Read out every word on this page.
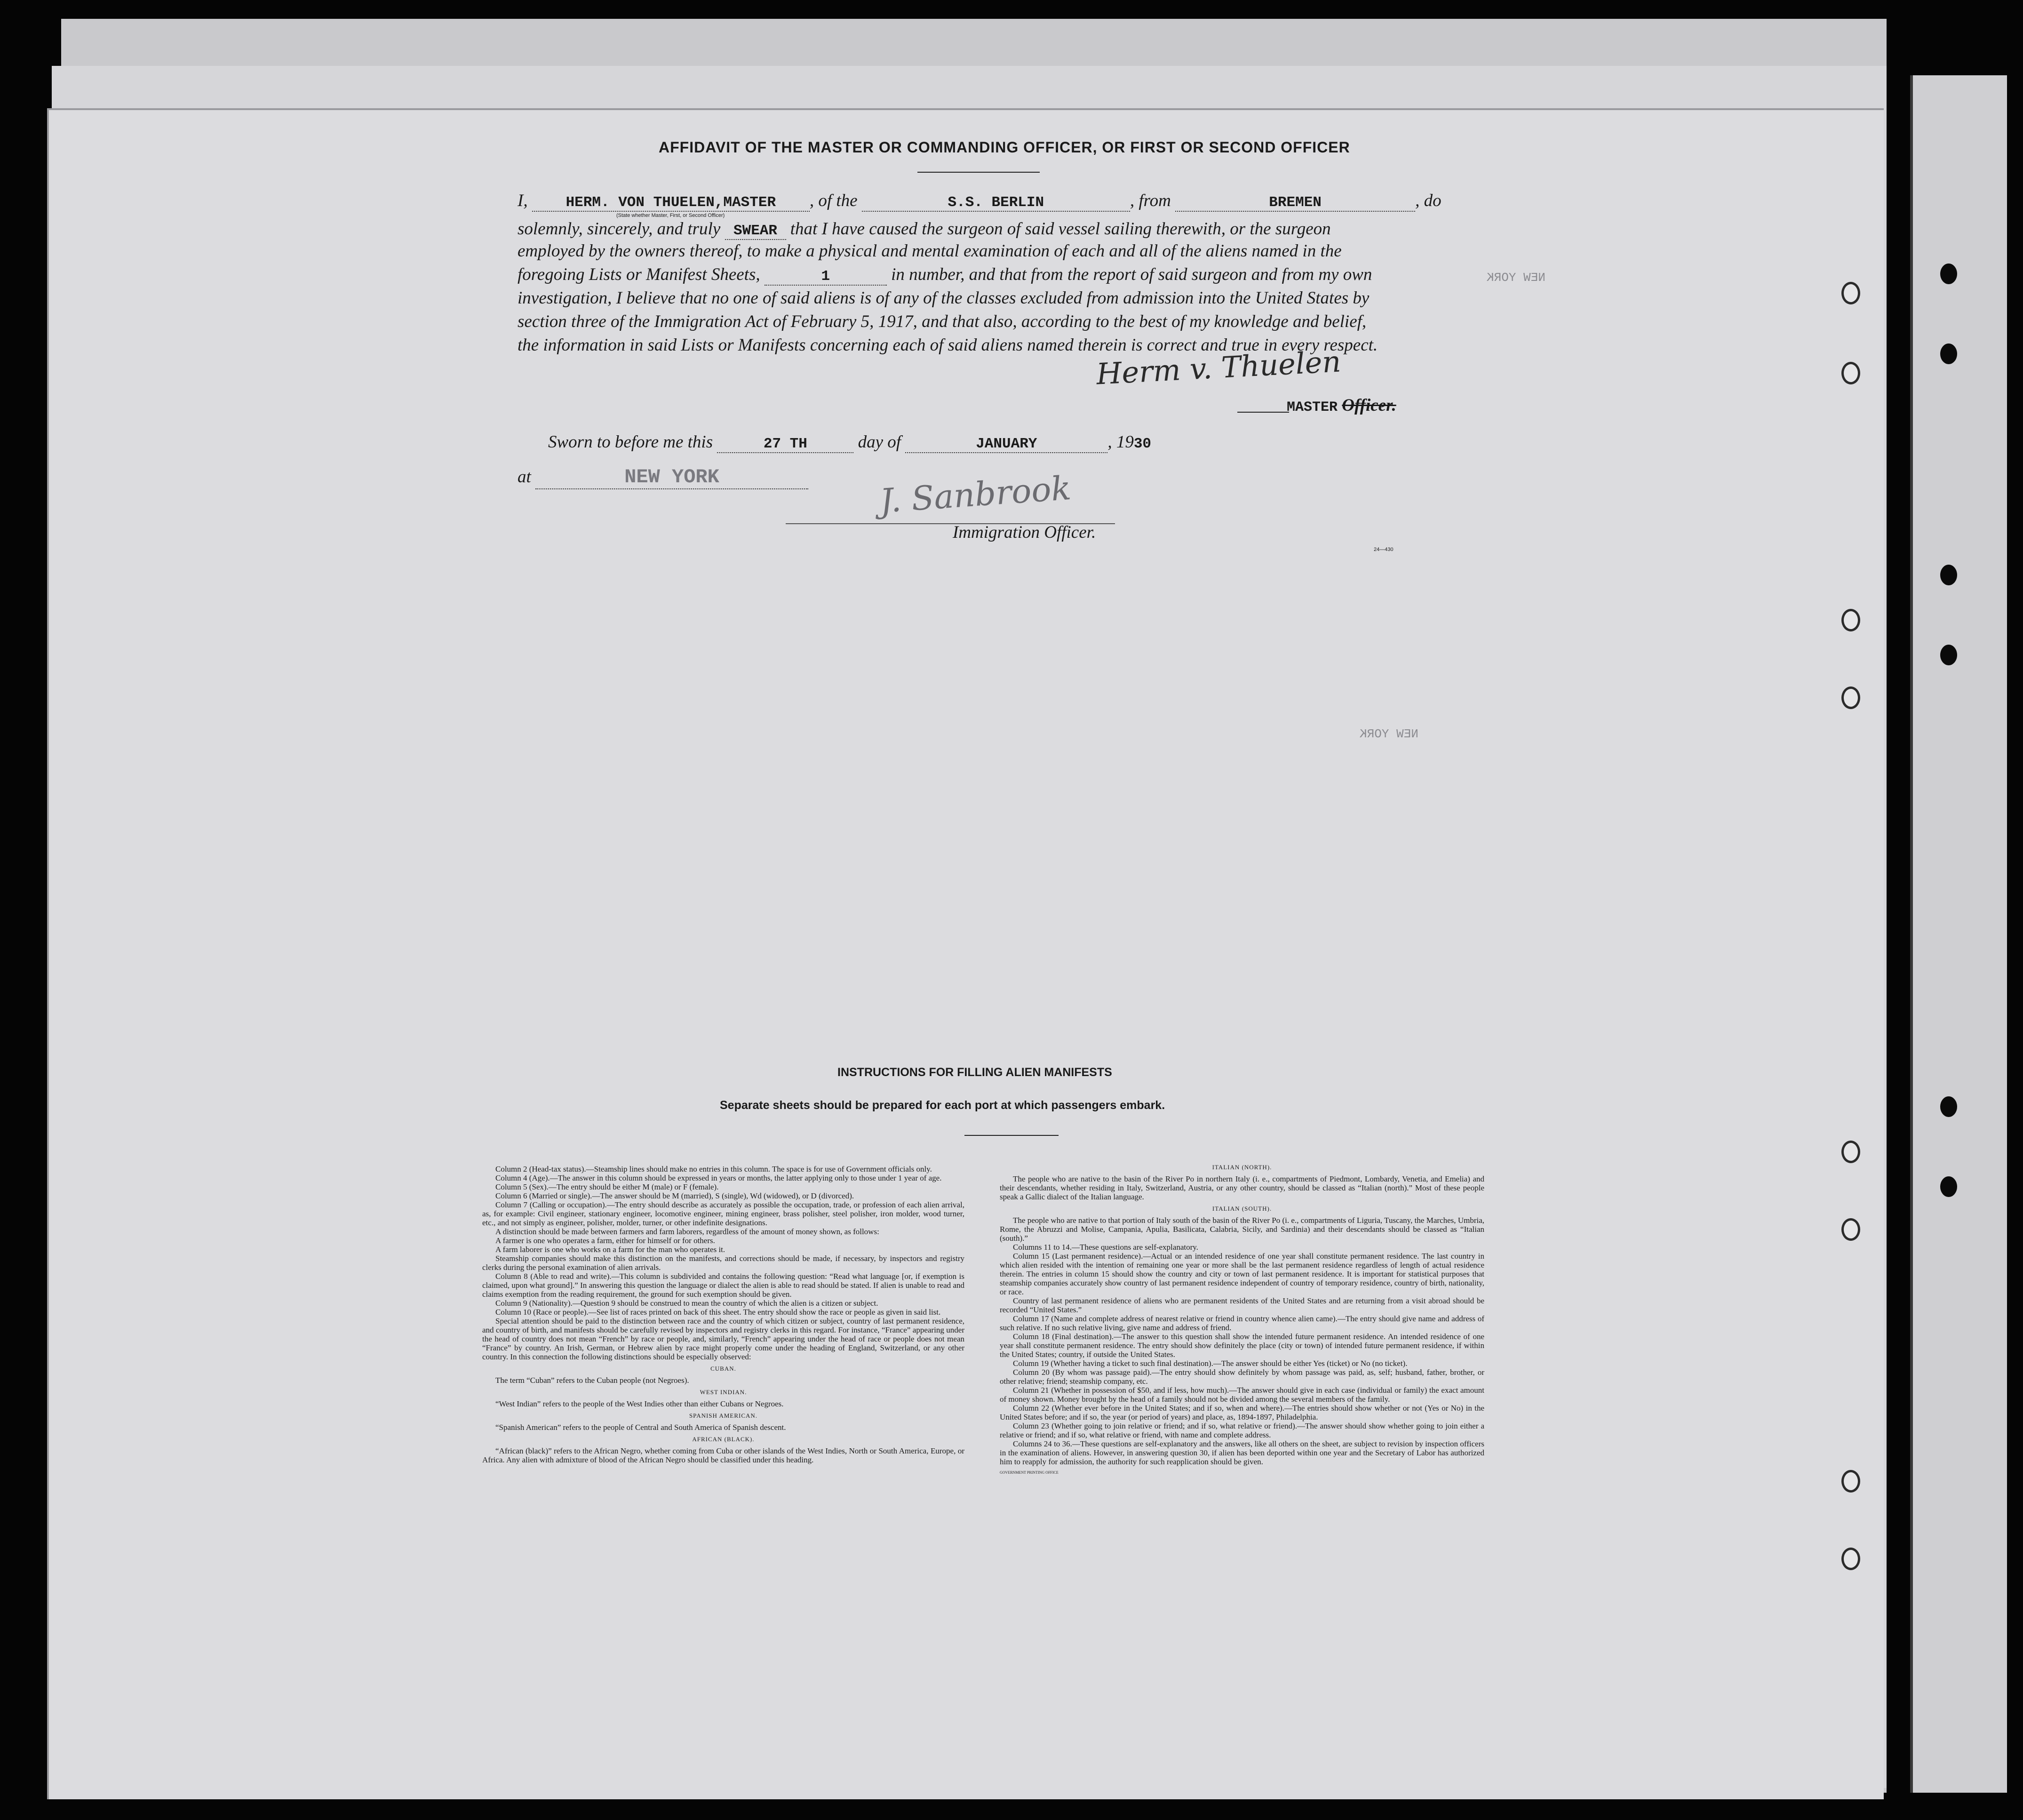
NEW YORK
NEW YORK
AFFIDAVIT OF THE MASTER OR COMMANDING OFFICER, OR FIRST OR SECOND OFFICER
I,	HERM. VON THUELEN,MASTER , of the	S.S. BERLIN	, from	BREMEN	, do
(State whether Master, First, or Second Officer)
solemnly, sincerely, and truly SWEAR that I have caused the surgeon of said vessel sailing therewith, or the surgeon
employed by the owners thereof, to make a physical and mental examination of each and all of the aliens named in the
foregoing Lists or Manifest Sheets,	1	in number, and that from the report of said surgeon and from my own
investigation, I believe that no one of said aliens is of any of the classes excluded from admission into the United States by
section three of the Immigration Act of February 5, 1917, and that also, according to the best of my knowledge and belief,
the information in said Lists or Manifests concerning each of said aliens named therein is correct and true in every respect.
Herm v. Thuelen
MASTER Officer.
Sworn to before me this	27 TH	day of	JANUARY	, 1930
at	NEW YORK	J. Sanbrook
Immigration Officer.
24—430
INSTRUCTIONS FOR FILLING ALIEN MANIFESTS
Separate sheets should be prepared for each port at which passengers embark.

Column 2 (Head-tax status).—Steamship lines should make no entries in this column. The space is for use of Government officials only.

Column 4 (Age).—The answer in this column should be expressed in years or months, the latter applying only to those under 1 year of age.

Column 5 (Sex).—The entry should be either M (male) or F (female).

Column 6 (Married or single).—The answer should be M (married), S (single), Wd (widowed), or D (divorced).

Column 7 (Calling or occupation).—The entry should describe as accurately as possible the occupation, trade, or profession of each alien arrival, as, for example: Civil engineer, stationary engineer, locomotive engineer, mining engineer, brass polisher, steel polisher, iron molder, wood turner, etc., and not simply as engineer, polisher, molder, turner, or other indefinite designations.

A distinction should be made between farmers and farm laborers, regardless of the amount of money shown, as follows:

A farmer is one who operates a farm, either for himself or for others.

A farm laborer is one who works on a farm for the man who operates it.

Steamship companies should make this distinction on the manifests, and corrections should be made, if necessary, by inspectors and registry clerks during the personal examination of alien arrivals.

Column 8 (Able to read and write).—This column is subdivided and contains the following question: “Read what language [or, if exemption is claimed, upon what ground].” In answering this question the language or dialect the alien is able to read should be stated. If alien is unable to read and claims exemption from the reading requirement, the ground for such exemption should be given.

Column 9 (Nationality).—Question 9 should be construed to mean the country of which the alien is a citizen or subject.

Column 10 (Race or people).—See list of races printed on back of this sheet. The entry should show the race or people as given in said list.

Special attention should be paid to the distinction between race and the country of which citizen or subject, country of last permanent residence, and country of birth, and manifests should be carefully revised by inspectors and registry clerks in this regard. For instance, “France” appearing under the head of country does not mean “French” by race or people, and, similarly, “French” appearing under the head of race or people does not mean “France” by country. An Irish, German, or Hebrew alien by race might properly come under the heading of England, Switzerland, or any other country. In this connection the following distinctions should be especially observed:

CUBAN.

The term “Cuban” refers to the Cuban people (not Negroes).

WEST INDIAN.

“West Indian” refers to the people of the West Indies other than either Cubans or Negroes.

SPANISH AMERICAN.

“Spanish American” refers to the people of Central and South America of Spanish descent.

AFRICAN (BLACK).

“African (black)” refers to the African Negro, whether coming from Cuba or other islands of the West Indies, North or South America, Europe, or Africa. Any alien with admixture of blood of the African Negro should be classified under this heading.

ITALIAN (NORTH).

The people who are native to the basin of the River Po in northern Italy (i. e., compartments of Piedmont, Lombardy, Venetia, and Emelia) and their descendants, whether residing in Italy, Switzerland, Austria, or any other country, should be classed as “Italian (north).” Most of these people speak a Gallic dialect of the Italian language.

ITALIAN (SOUTH).

The people who are native to that portion of Italy south of the basin of the River Po (i. e., compartments of Liguria, Tuscany, the Marches, Umbria, Rome, the Abruzzi and Molise, Campania, Apulia, Basilicata, Calabria, Sicily, and Sardinia) and their descendants should be classed as “Italian (south).”

Columns 11 to 14.—These questions are self-explanatory.

Column 15 (Last permanent residence).—Actual or an intended residence of one year shall constitute permanent residence. The last country in which alien resided with the intention of remaining one year or more shall be the last permanent residence regardless of length of actual residence therein. The entries in column 15 should show the country and city or town of last permanent residence. It is important for statistical purposes that steamship companies accurately show country of last permanent residence independent of country of temporary residence, country of birth, nationality, or race.

Country of last permanent residence of aliens who are permanent residents of the United States and are returning from a visit abroad should be recorded “United States.”

Column 17 (Name and complete address of nearest relative or friend in country whence alien came).—The entry should give name and address of such relative. If no such relative living, give name and address of friend.

Column 18 (Final destination).—The answer to this question shall show the intended future permanent residence. An intended residence of one year shall constitute permanent residence. The entry should show definitely the place (city or town) of intended future permanent residence, if within the United States; country, if outside the United States.

Column 19 (Whether having a ticket to such final destination).—The answer should be either Yes (ticket) or No (no ticket).

Column 20 (By whom was passage paid).—The entry should show definitely by whom passage was paid, as, self; husband, father, brother, or other relative; friend; steamship company, etc.

Column 21 (Whether in possession of $50, and if less, how much).—The answer should give in each case (individual or family) the exact amount of money shown. Money brought by the head of a family should not be divided among the several members of the family.

Column 22 (Whether ever before in the United States; and if so, when and where).—The entries should show whether or not (Yes or No) in the United States before; and if so, the year (or period of years) and place, as, 1894-1897, Philadelphia.

Column 23 (Whether going to join relative or friend; and if so, what relative or friend).—The answer should show whether going to join either a relative or friend; and if so, what relative or friend, with name and complete address.

Columns 24 to 36.—These questions are self-explanatory and the answers, like all others on the sheet, are subject to revision by inspection officers in the examination of aliens. However, in answering question 30, if alien has been deported within one year and the Secretary of Labor has authorized him to reapply for admission, the authority for such reapplication should be given.

GOVERNMENT PRINTING OFFICE
